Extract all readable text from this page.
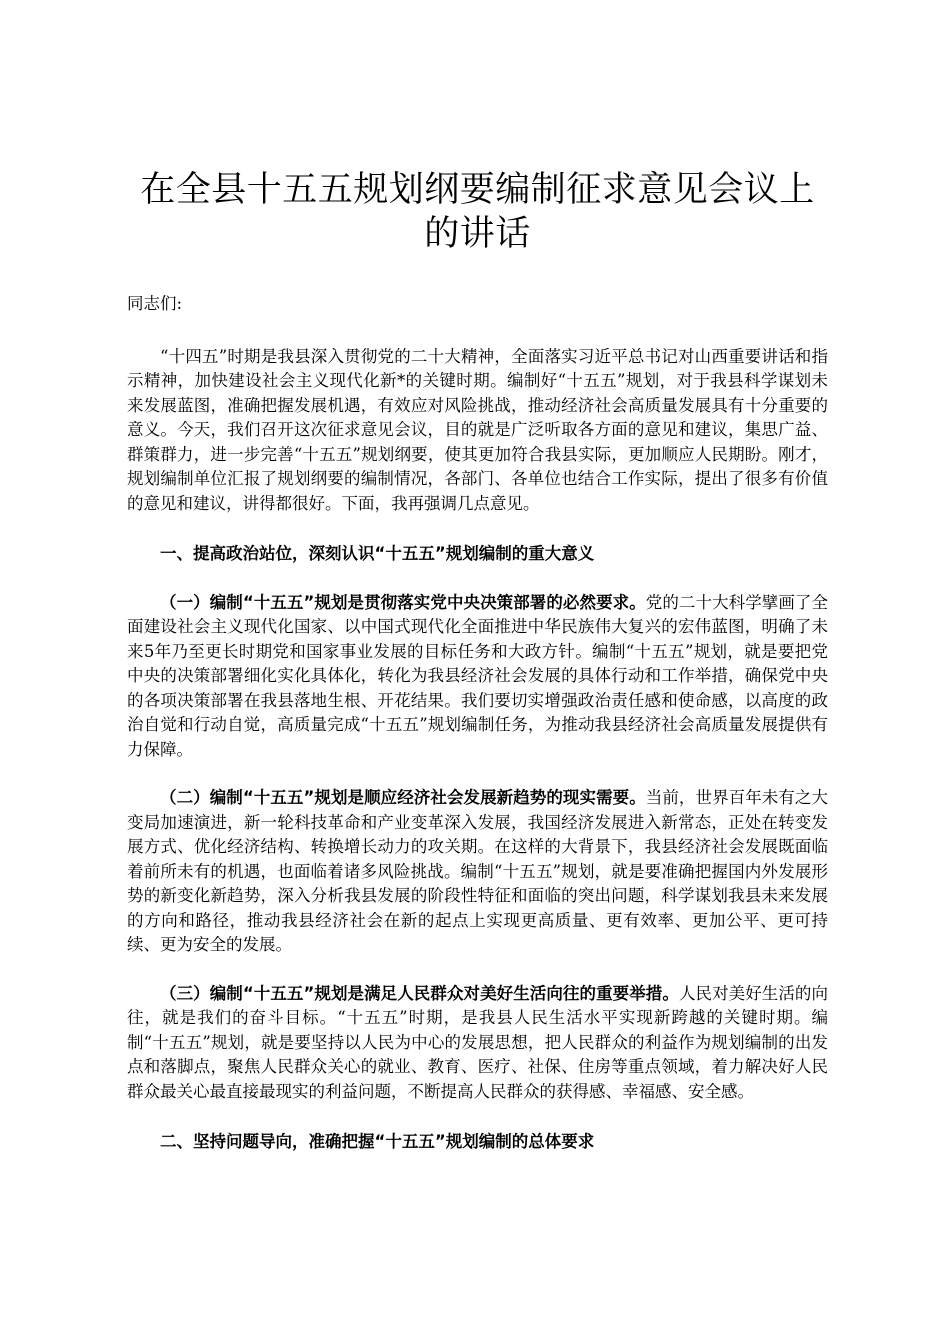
在全县十五五规划纲要编制征求意见会议上的讲话

同志们:

“十四五”时期是我县深入贯彻党的二十大精神，全面落实习近平总书记对山西重要讲话和指示精神，加快建设社会主义现代化新*的关键时期。编制好“十五五”规划，对于我县科学谋划未来发展蓝图，准确把握发展机遇，有效应对风险挑战，推动经济社会高质量发展具有十分重要的意义。今天，我们召开这次征求意见会议，目的就是广泛听取各方面的意见和建议，集思广益、群策群力，进一步完善“十五五”规划纲要，使其更加符合我县实际，更加顺应人民期盼。刚才，规划编制单位汇报了规划纲要的编制情况，各部门、各单位也结合工作实际，提出了很多有价值的意见和建议，讲得都很好。下面，我再强调几点意见。

一、提高政治站位，深刻认识“十五五”规划编制的重大意义

（一）编制“十五五”规划是贯彻落实党中央决策部署的必然要求。党的二十大科学擘画了全面建设社会主义现代化国家、以中国式现代化全面推进中华民族伟大复兴的宏伟蓝图，明确了未来5年乃至更长时期党和国家事业发展的目标任务和大政方针。编制“十五五”规划，就是要把党中央的决策部署细化实化具体化，转化为我县经济社会发展的具体行动和工作举措，确保党中央的各项决策部署在我县落地生根、开花结果。我们要切实增强政治责任感和使命感，以高度的政治自觉和行动自觉，高质量完成“十五五”规划编制任务，为推动我县经济社会高质量发展提供有力保障。

（二）编制“十五五”规划是顺应经济社会发展新趋势的现实需要。当前，世界百年未有之大变局加速演进，新一轮科技革命和产业变革深入发展，我国经济发展进入新常态，正处在转变发展方式、优化经济结构、转换增长动力的攻关期。在这样的大背景下，我县经济社会发展既面临着前所未有的机遇，也面临着诸多风险挑战。编制“十五五”规划，就是要准确把握国内外发展形势的新变化新趋势，深入分析我县发展的阶段性特征和面临的突出问题，科学谋划我县未来发展的方向和路径，推动我县经济社会在新的起点上实现更高质量、更有效率、更加公平、更可持续、更为安全的发展。

（三）编制“十五五”规划是满足人民群众对美好生活向往的重要举措。人民对美好生活的向往，就是我们的奋斗目标。“十五五”时期，是我县人民生活水平实现新跨越的关键时期。编制“十五五”规划，就是要坚持以人民为中心的发展思想，把人民群众的利益作为规划编制的出发点和落脚点，聚焦人民群众关心的就业、教育、医疗、社保、住房等重点领域，着力解决好人民群众最关心最直接最现实的利益问题，不断提高人民群众的获得感、幸福感、安全感。

二、坚持问题导向，准确把握“十五五”规划编制的总体要求
